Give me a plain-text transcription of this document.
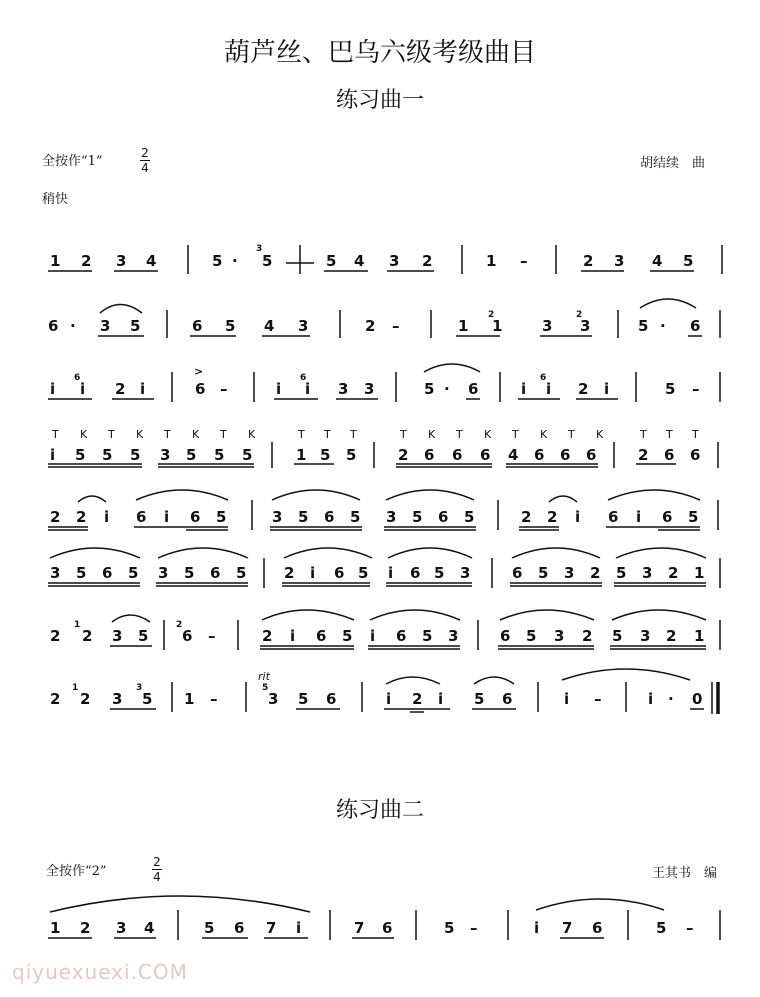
葫芦丝、巴乌六级考级曲目
练习曲一
全按作“1”
2
4
稍快
胡结续　曲
1 2 3 4	5 · 5
3
5 4 3 2	1 –	2 3 4 5
6 · 3 5	6 5 4 3	2 –	1 1
2
3 3
2
5 · 6
i i
6
2 i	6 –
>
i i
6
3 3	5 · 6	i i
6
2 i	5 –
T K T K T K T K	T T T	T K T K T K T K	T T T
i 5 5 5 3 5 5 5	1 5 5	2 6 6 6 4 6 6 6	2 6 6
2 2 i 6 i 6 5	3 5 6 5 3 5 6 5	2 2 i 6 i 6 5
3 5 6 5 3 5 6 5	2 i 6 5 i 6 5 3	6 5 3 2 5 3 2 1
2 2
1
3 5 6 –
2
2 i 6 5 i 6 5 3	6 5 3 2 5 3 2 1
rit
2 2
1
3 5
3
1 –	3
5
5 6	i 2 i 5 6	i –	i · 0
1 2 3 4	5 6 7 i	7 6	5 –	i 7 6	5 –
练习曲二
全按作“2”
2
4	王其书　编
qiyuexuexi.COM
